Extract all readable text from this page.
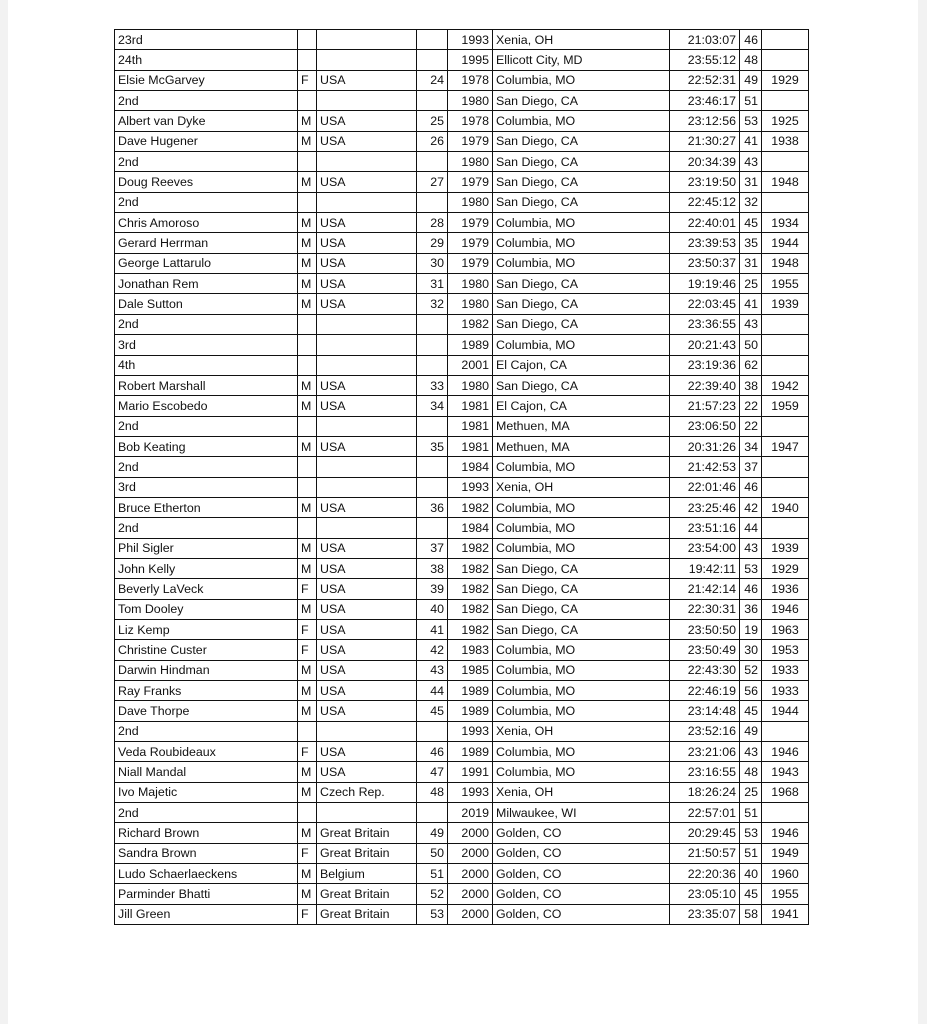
23rd				1993	Xenia, OH	21:03:07	46	
24th				1995	Ellicott City, MD	23:55:12	48	
Elsie McGarvey	F	USA	24	1978	Columbia, MO	22:52:31	49	1929
2nd				1980	San Diego, CA	23:46:17	51	
Albert van Dyke	M	USA	25	1978	Columbia, MO	23:12:56	53	1925
Dave Hugener	M	USA	26	1979	San Diego, CA	21:30:27	41	1938
2nd				1980	San Diego, CA	20:34:39	43	
Doug Reeves	M	USA	27	1979	San Diego, CA	23:19:50	31	1948
2nd				1980	San Diego, CA	22:45:12	32	
Chris Amoroso	M	USA	28	1979	Columbia, MO	22:40:01	45	1934
Gerard Herrman	M	USA	29	1979	Columbia, MO	23:39:53	35	1944
George Lattarulo	M	USA	30	1979	Columbia, MO	23:50:37	31	1948
Jonathan Rem	M	USA	31	1980	San Diego, CA	19:19:46	25	1955
Dale Sutton	M	USA	32	1980	San Diego, CA	22:03:45	41	1939
2nd				1982	San Diego, CA	23:36:55	43	
3rd				1989	Columbia, MO	20:21:43	50	
4th				2001	El Cajon, CA	23:19:36	62	
Robert Marshall	M	USA	33	1980	San Diego, CA	22:39:40	38	1942
Mario Escobedo	M	USA	34	1981	El Cajon, CA	21:57:23	22	1959
2nd				1981	Methuen, MA	23:06:50	22	
Bob Keating	M	USA	35	1981	Methuen, MA	20:31:26	34	1947
2nd				1984	Columbia, MO	21:42:53	37	
3rd				1993	Xenia, OH	22:01:46	46	
Bruce Etherton	M	USA	36	1982	Columbia, MO	23:25:46	42	1940
2nd				1984	Columbia, MO	23:51:16	44	
Phil Sigler	M	USA	37	1982	Columbia, MO	23:54:00	43	1939
John Kelly	M	USA	38	1982	San Diego, CA	19:42:11	53	1929
Beverly LaVeck	F	USA	39	1982	San Diego, CA	21:42:14	46	1936
Tom Dooley	M	USA	40	1982	San Diego, CA	22:30:31	36	1946
Liz Kemp	F	USA	41	1982	San Diego, CA	23:50:50	19	1963
Christine Custer	F	USA	42	1983	Columbia, MO	23:50:49	30	1953
Darwin Hindman	M	USA	43	1985	Columbia, MO	22:43:30	52	1933
Ray Franks	M	USA	44	1989	Columbia, MO	22:46:19	56	1933
Dave Thorpe	M	USA	45	1989	Columbia, MO	23:14:48	45	1944
2nd				1993	Xenia, OH	23:52:16	49	
Veda Roubideaux	F	USA	46	1989	Columbia, MO	23:21:06	43	1946
Niall Mandal	M	USA	47	1991	Columbia, MO	23:16:55	48	1943
Ivo Majetic	M	Czech Rep.	48	1993	Xenia, OH	18:26:24	25	1968
2nd				2019	Milwaukee, WI	22:57:01	51	
Richard Brown	M	Great Britain	49	2000	Golden, CO	20:29:45	53	1946
Sandra Brown	F	Great Britain	50	2000	Golden, CO	21:50:57	51	1949
Ludo Schaerlaeckens	M	Belgium	51	2000	Golden, CO	22:20:36	40	1960
Parminder Bhatti	M	Great Britain	52	2000	Golden, CO	23:05:10	45	1955
Jill Green	F	Great Britain	53	2000	Golden, CO	23:35:07	58	1941
